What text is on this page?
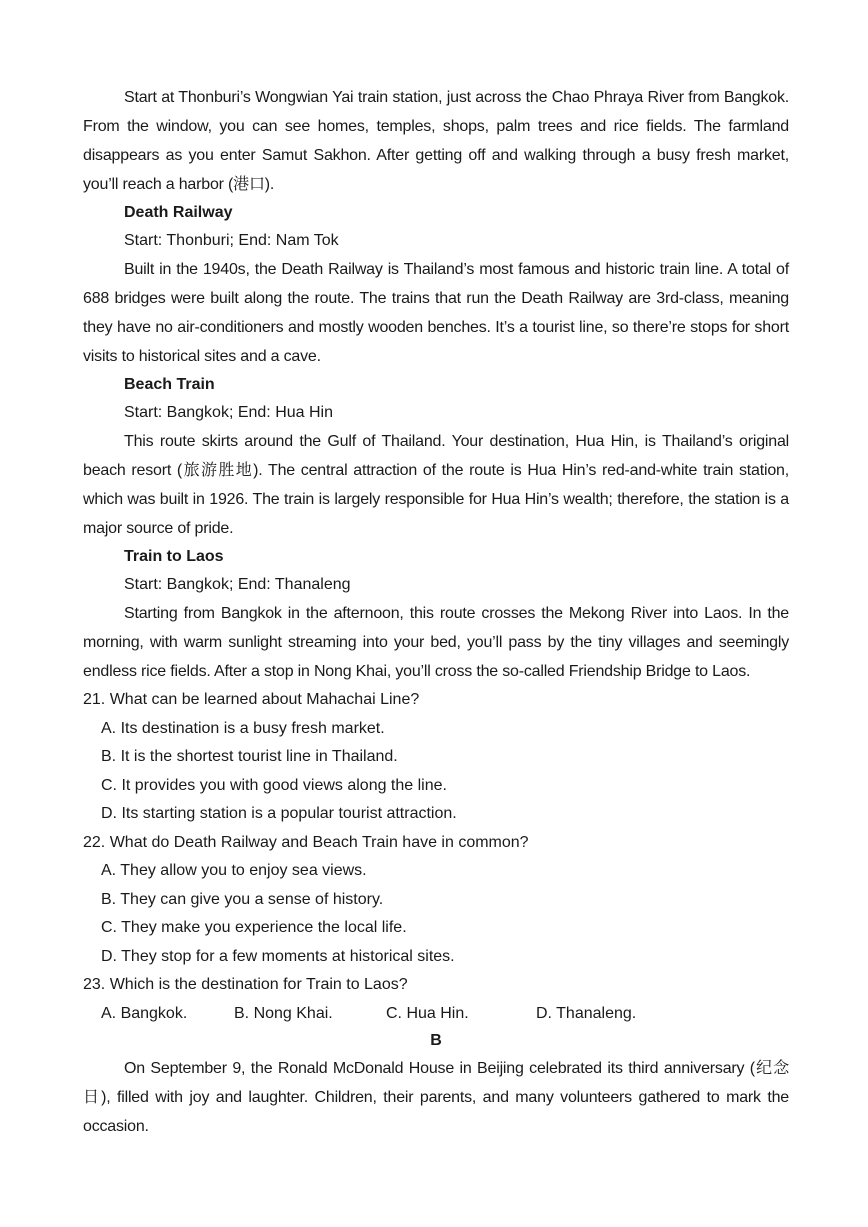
Start at Thonburi’s Wongwian Yai train station, just across the Chao Phraya River from Bangkok. From the window, you can see homes, temples, shops, palm trees and rice fields. The farmland disappears as you enter Samut Sakhon. After getting off and walking through a busy fresh market, you’ll reach a harbor (港口).

Death Railway

Start: Thonburi; End: Nam Tok

Built in the 1940s, the Death Railway is Thailand’s most famous and historic train line. A total of 688 bridges were built along the route. The trains that run the Death Railway are 3rd-class, meaning they have no air-conditioners and mostly wooden benches. It’s a tourist line, so there’re stops for short visits to historical sites and a cave.

Beach Train

Start: Bangkok; End: Hua Hin

This route skirts around the Gulf of Thailand. Your destination, Hua Hin, is Thailand’s original beach resort (旅游胜地). The central attraction of the route is Hua Hin’s red-and-white train station, which was built in 1926. The train is largely responsible for Hua Hin’s wealth; therefore, the station is a major source of pride.

Train to Laos

Start: Bangkok; End: Thanaleng

Starting from Bangkok in the afternoon, this route crosses the Mekong River into Laos. In the morning, with warm sunlight streaming into your bed, you’ll pass by the tiny villages and seemingly endless rice fields. After a stop in Nong Khai, you’ll cross the so-called Friendship Bridge to Laos.

21. What can be learned about Mahachai Line?

A. Its destination is a busy fresh market.

B. It is the shortest tourist line in Thailand.

C. It provides you with good views along the line.

D. Its starting station is a popular tourist attraction.

22. What do Death Railway and Beach Train have in common?

A. They allow you to enjoy sea views.

B. They can give you a sense of history.

C. They make you experience the local life.

D. They stop for a few moments at historical sites.

23. Which is the destination for Train to Laos?

A. Bangkok.	B. Nong Khai.	C. Hua Hin.	D. Thanaleng.

B

On September 9, the Ronald McDonald House in Beijing celebrated its third anniversary (纪念日), filled with joy and laughter. Children, their parents, and many volunteers gathered to mark the occasion.
